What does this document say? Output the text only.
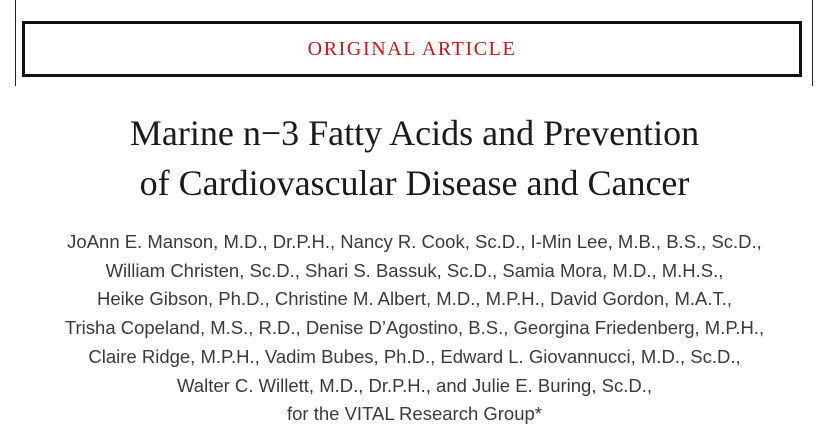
ORIGINAL ARTICLE
Marine n−3 Fatty Acids and Prevention
of Cardiovascular Disease and Cancer
JoAnn E. Manson, M.D., Dr.P.H., Nancy R. Cook, Sc.D., I-Min Lee, M.B., B.S., Sc.D.,
William Christen, Sc.D., Shari S. Bassuk, Sc.D., Samia Mora, M.D., M.H.S.,
Heike Gibson, Ph.D., Christine M. Albert, M.D., M.P.H., David Gordon, M.A.T.,
Trisha Copeland, M.S., R.D., Denise D’Agostino, B.S., Georgina Friedenberg, M.P.H.,
Claire Ridge, M.P.H., Vadim Bubes, Ph.D., Edward L. Giovannucci, M.D., Sc.D.,
Walter C. Willett, M.D., Dr.P.H., and Julie E. Buring, Sc.D.,
for the VITAL Research Group*
